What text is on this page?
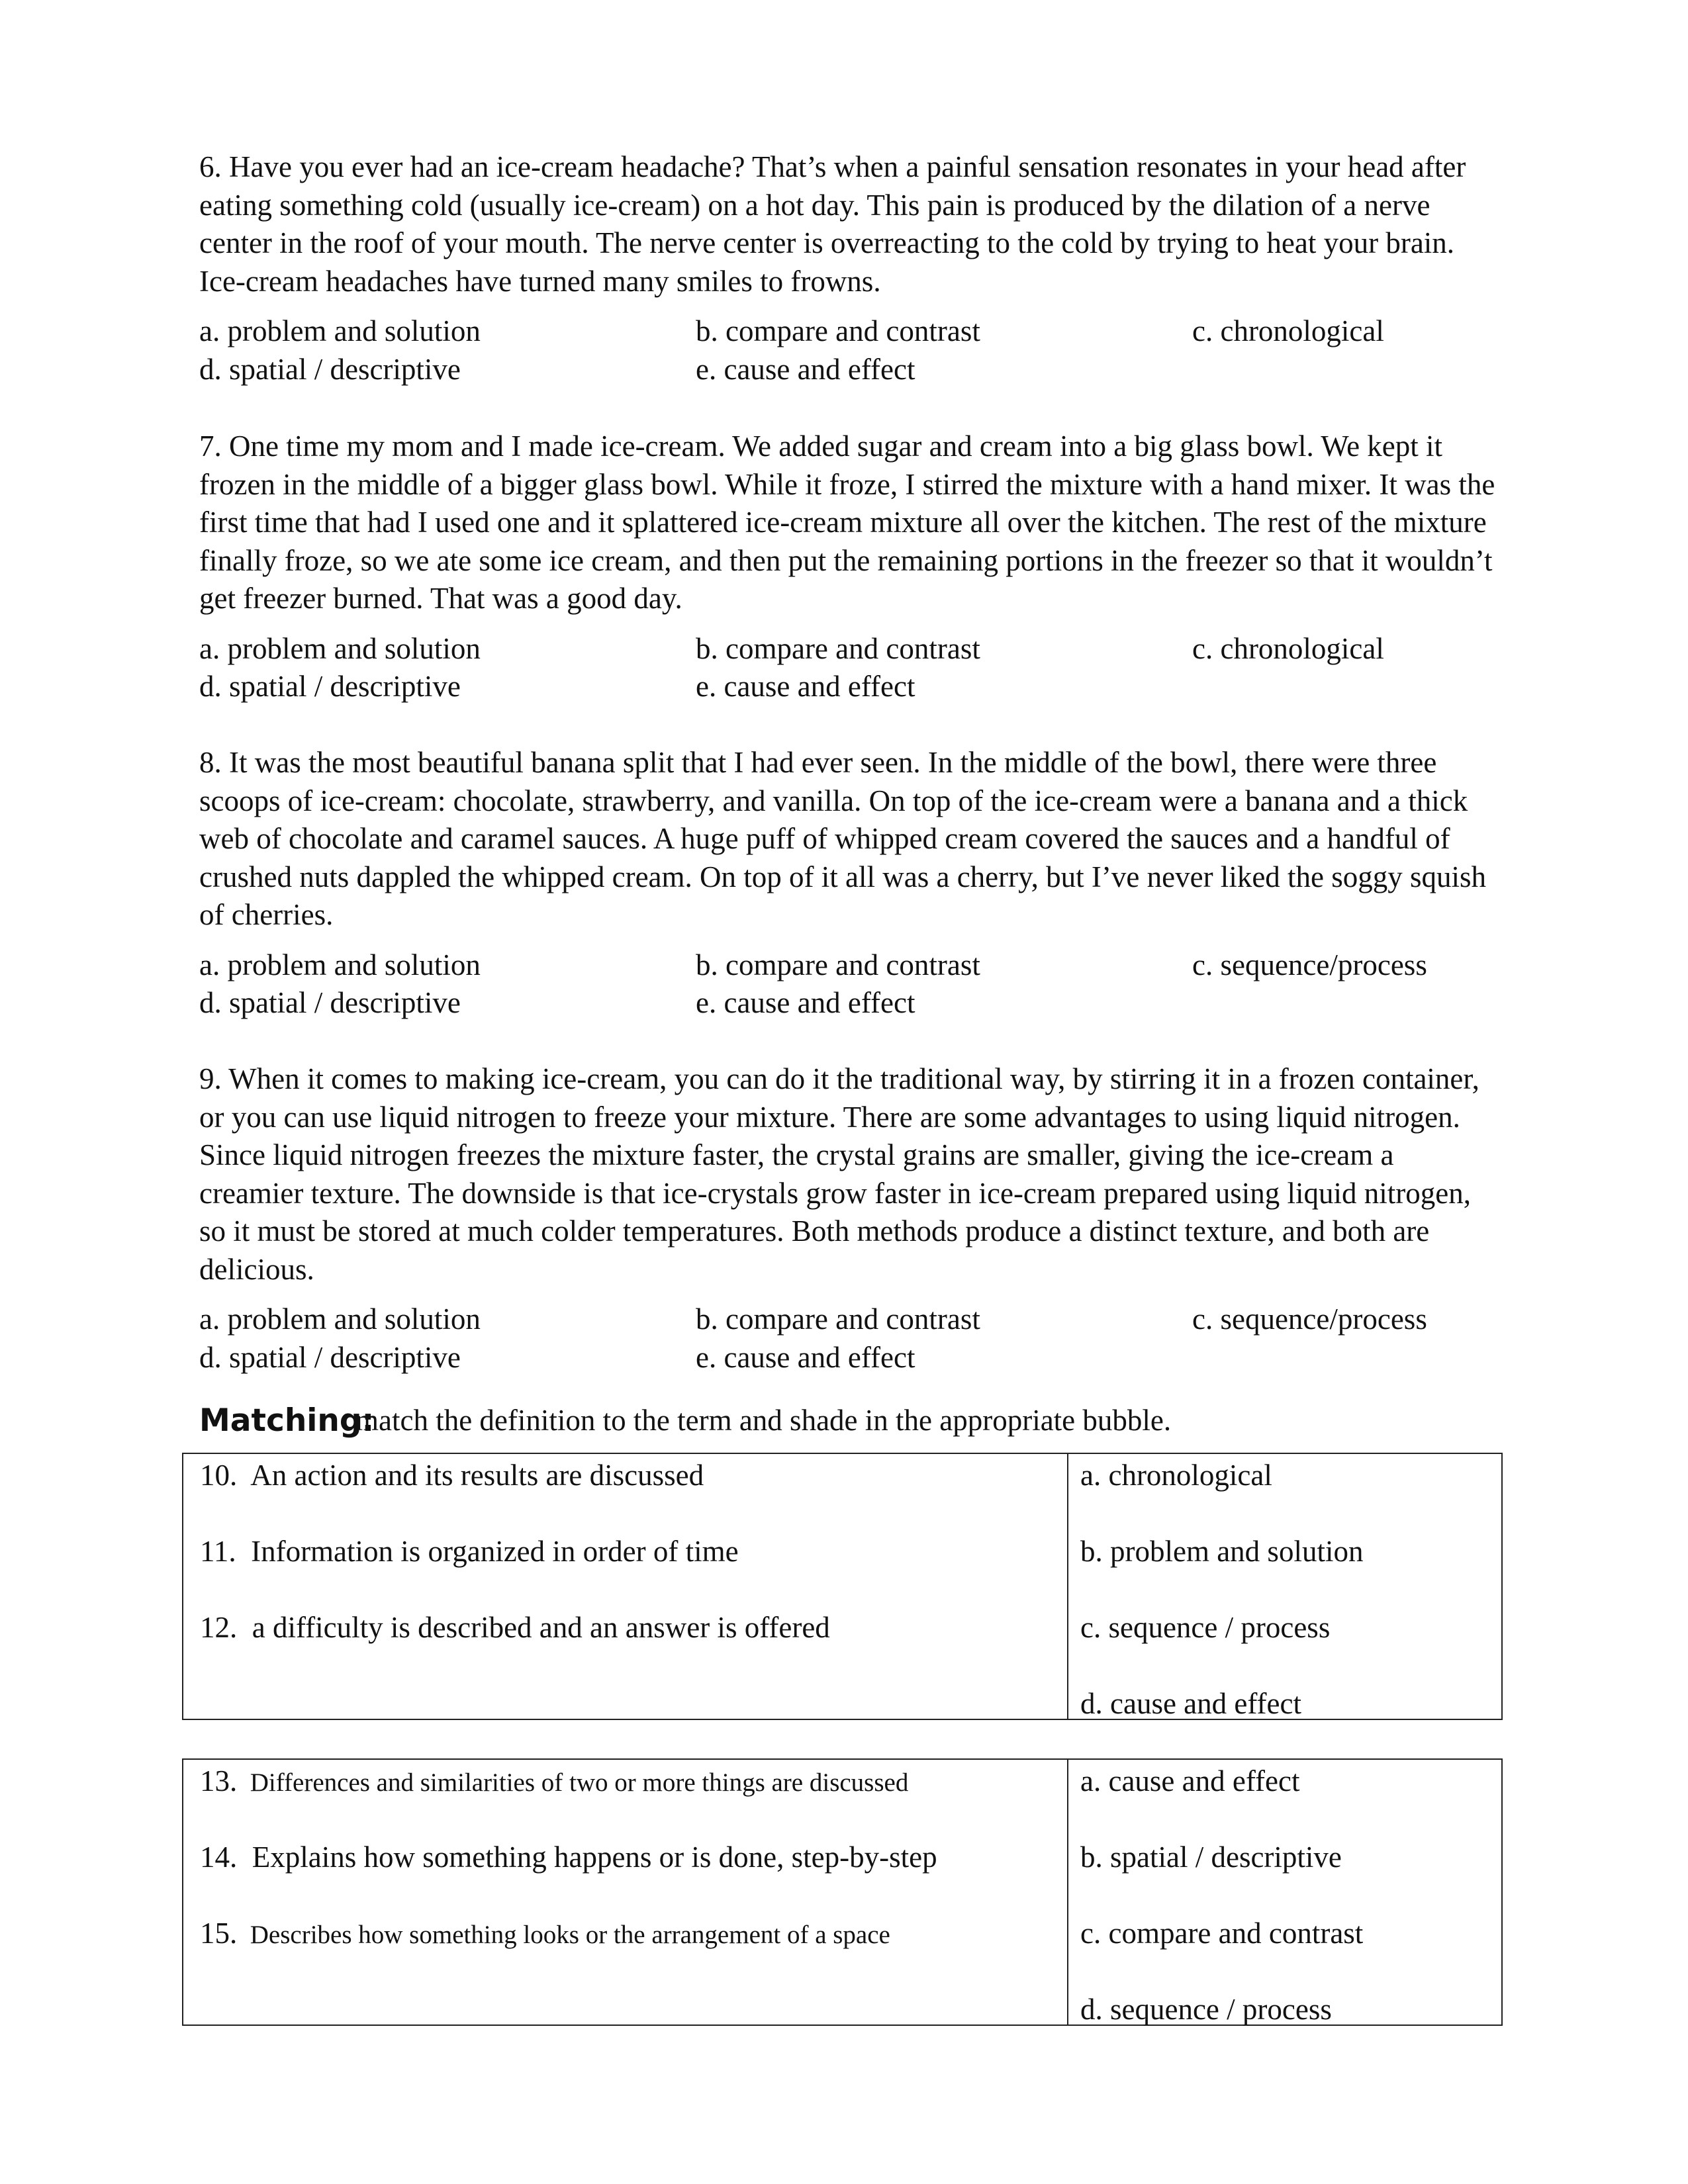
6. Have you ever had an ice-cream headache? That’s when a painful sensation resonates in your head after eating something cold (usually ice-cream) on a hot day. This pain is produced by the dilation of a nerve center in the roof of your mouth. The nerve center is overreacting to the cold by trying to heat your brain. Ice-cream headaches have turned many smiles to frowns.

a. problem and solution	b. compare and contrast	c. chronological
d. spatial / descriptive	e. cause and effect

7. One time my mom and I made ice-cream. We added sugar and cream into a big glass bowl. We kept it frozen in the middle of a bigger glass bowl. While it froze, I stirred the mixture with a hand mixer. It was the first time that had I used one and it splattered ice-cream mixture all over the kitchen. The rest of the mixture finally froze, so we ate some ice cream, and then put the remaining portions in the freezer so that it wouldn’t get freezer burned. That was a good day.

a. problem and solution	b. compare and contrast	c. chronological
d. spatial / descriptive	e. cause and effect

8. It was the most beautiful banana split that I had ever seen. In the middle of the bowl, there were three scoops of ice-cream: chocolate, strawberry, and vanilla. On top of the ice-cream were a banana and a thick web of chocolate and caramel sauces. A huge puff of whipped cream covered the sauces and a handful of crushed nuts dappled the whipped cream. On top of it all was a cherry, but I’ve never liked the soggy squish of cherries.

a. problem and solution	b. compare and contrast	c. sequence/process
d. spatial / descriptive	e. cause and effect

9. When it comes to making ice-cream, you can do it the traditional way, by stirring it in a frozen container, or you can use liquid nitrogen to freeze your mixture. There are some advantages to using liquid nitrogen. Since liquid nitrogen freezes the mixture faster, the crystal grains are smaller, giving the ice-cream a creamier texture. The downside is that ice-crystals grow faster in ice-cream prepared using liquid nitrogen, so it must be stored at much colder temperatures. Both methods produce a distinct texture, and both are delicious.

a. problem and solution	b. compare and contrast	c. sequence/process
d. spatial / descriptive	e. cause and effect
Matching:
match the definition to the term and shade in the appropriate bubble.
10. An action and its results are discussed
11. Information is organized in order of time
12. a difficulty is described and an answer is offered
a. chronological
b. problem and solution
c. sequence / process
d. cause and effect
13. Differences and similarities of two or more things are discussed
14. Explains how something happens or is done, step-by-step
15. Describes how something looks or the arrangement of a space
a. cause and effect
b. spatial / descriptive
c. compare and contrast
d. sequence / process
